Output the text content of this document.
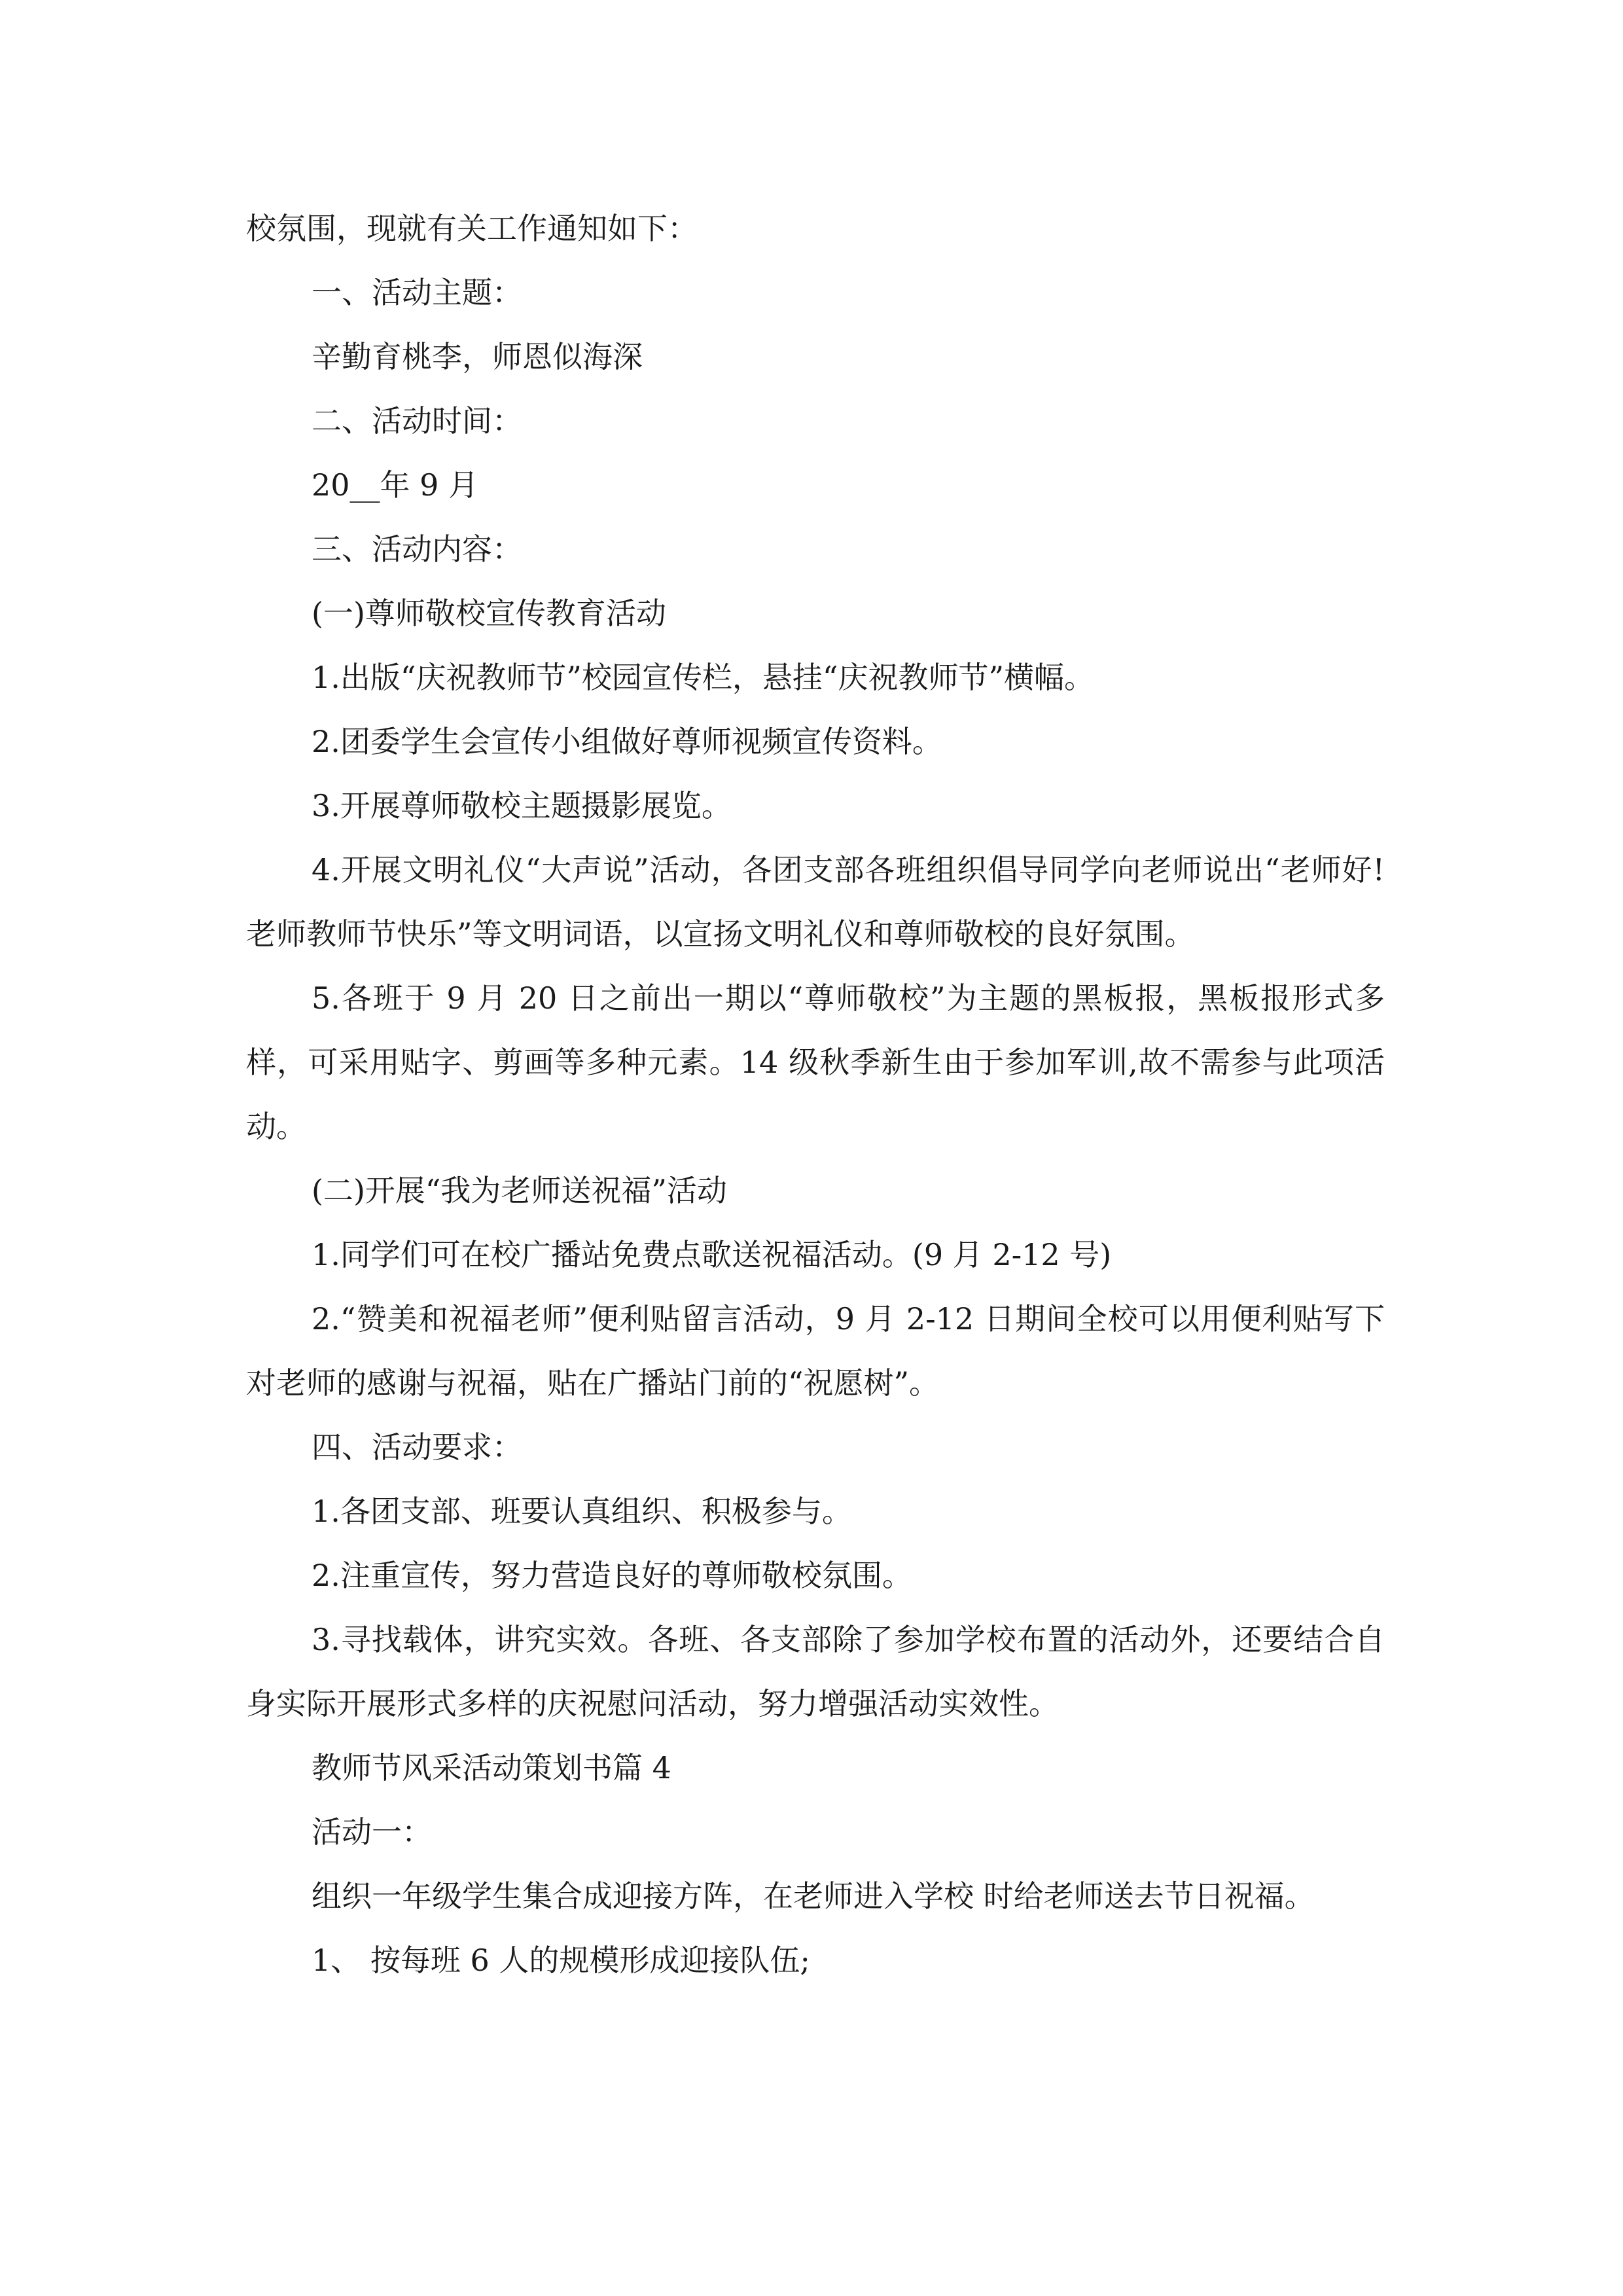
校氛围，现就有关工作通知如下：

一、活动主题：

辛勤育桃李，师恩似海深

二、活动时间：

20__年 9 月

三、活动内容：

(一)尊师敬校宣传教育活动

1.出版“庆祝教师节”校园宣传栏，悬挂“庆祝教师节”横幅。

2.团委学生会宣传小组做好尊师视频宣传资料。

3.开展尊师敬校主题摄影展览。

4.开展文明礼仪“大声说”活动，各团支部各班组织倡导同学向老师说出“老师好!老师教师节快乐”等文明词语，以宣扬文明礼仪和尊师敬校的良好氛围。

5.各班于 9 月 20 日之前出一期以“尊师敬校”为主题的黑板报，黑板报形式多样，可采用贴字、剪画等多种元素。14 级秋季新生由于参加军训,故不需参与此项活动。

(二)开展“我为老师送祝福”活动

1.同学们可在校广播站免费点歌送祝福活动。(9 月 2-12 号)

2.“赞美和祝福老师”便利贴留言活动，9 月 2-12 日期间全校可以用便利贴写下对老师的感谢与祝福，贴在广播站门前的“祝愿树”。

四、活动要求：

1.各团支部、班要认真组织、积极参与。

2.注重宣传，努力营造良好的尊师敬校氛围。

3.寻找载体，讲究实效。各班、各支部除了参加学校布置的活动外，还要结合自身实际开展形式多样的庆祝慰问活动，努力增强活动实效性。

教师节风采活动策划书篇 4

活动一：

组织一年级学生集合成迎接方阵，在老师进入学校 时给老师送去节日祝福。

1、 按每班 6 人的规模形成迎接队伍;
